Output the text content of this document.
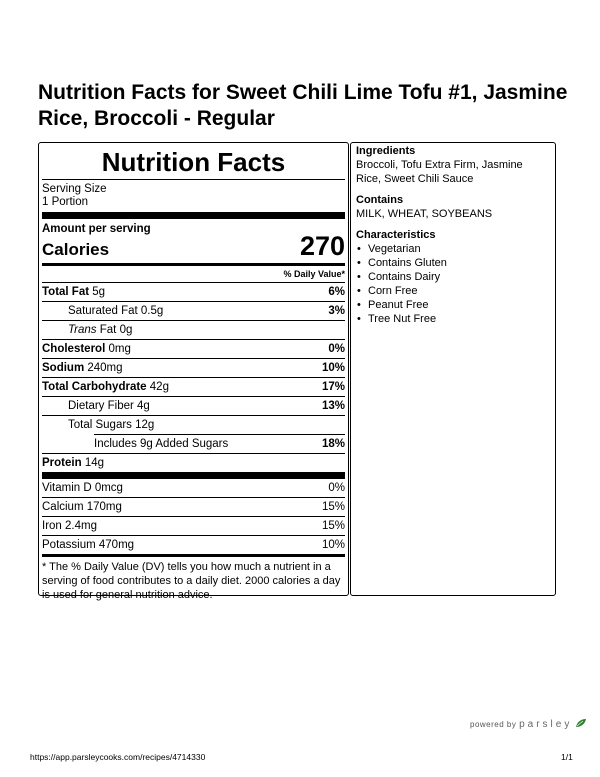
Nutrition Facts for Sweet Chili Lime Tofu #1, Jasmine Rice, Broccoli - Regular
Nutrition Facts
Serving Size
1 Portion
Amount per serving
Calories	270
% Daily Value*
Total Fat 5g	6%
Saturated Fat 0.5g	3%
Trans Fat 0g
Cholesterol 0mg	0%
Sodium 240mg	10%
Total Carbohydrate 42g	17%
Dietary Fiber 4g	13%
Total Sugars 12g
Includes 9g Added Sugars	18%
Protein 14g
Vitamin D 0mcg	0%
Calcium 170mg	15%
Iron 2.4mg	15%
Potassium 470mg	10%
* The % Daily Value (DV) tells you how much a nutrient in a serving of food contributes to a daily diet. 2000 calories a day is used for general nutrition advice.
Ingredients
Broccoli, Tofu Extra Firm, Jasmine Rice, Sweet Chili Sauce
Contains
MILK, WHEAT, SOYBEANS
Characteristics
• Vegetarian
• Contains Gluten
• Contains Dairy
• Corn Free
• Peanut Free
• Tree Nut Free
powered by parsley
https://app.parsleycooks.com/recipes/4714330	1/1
